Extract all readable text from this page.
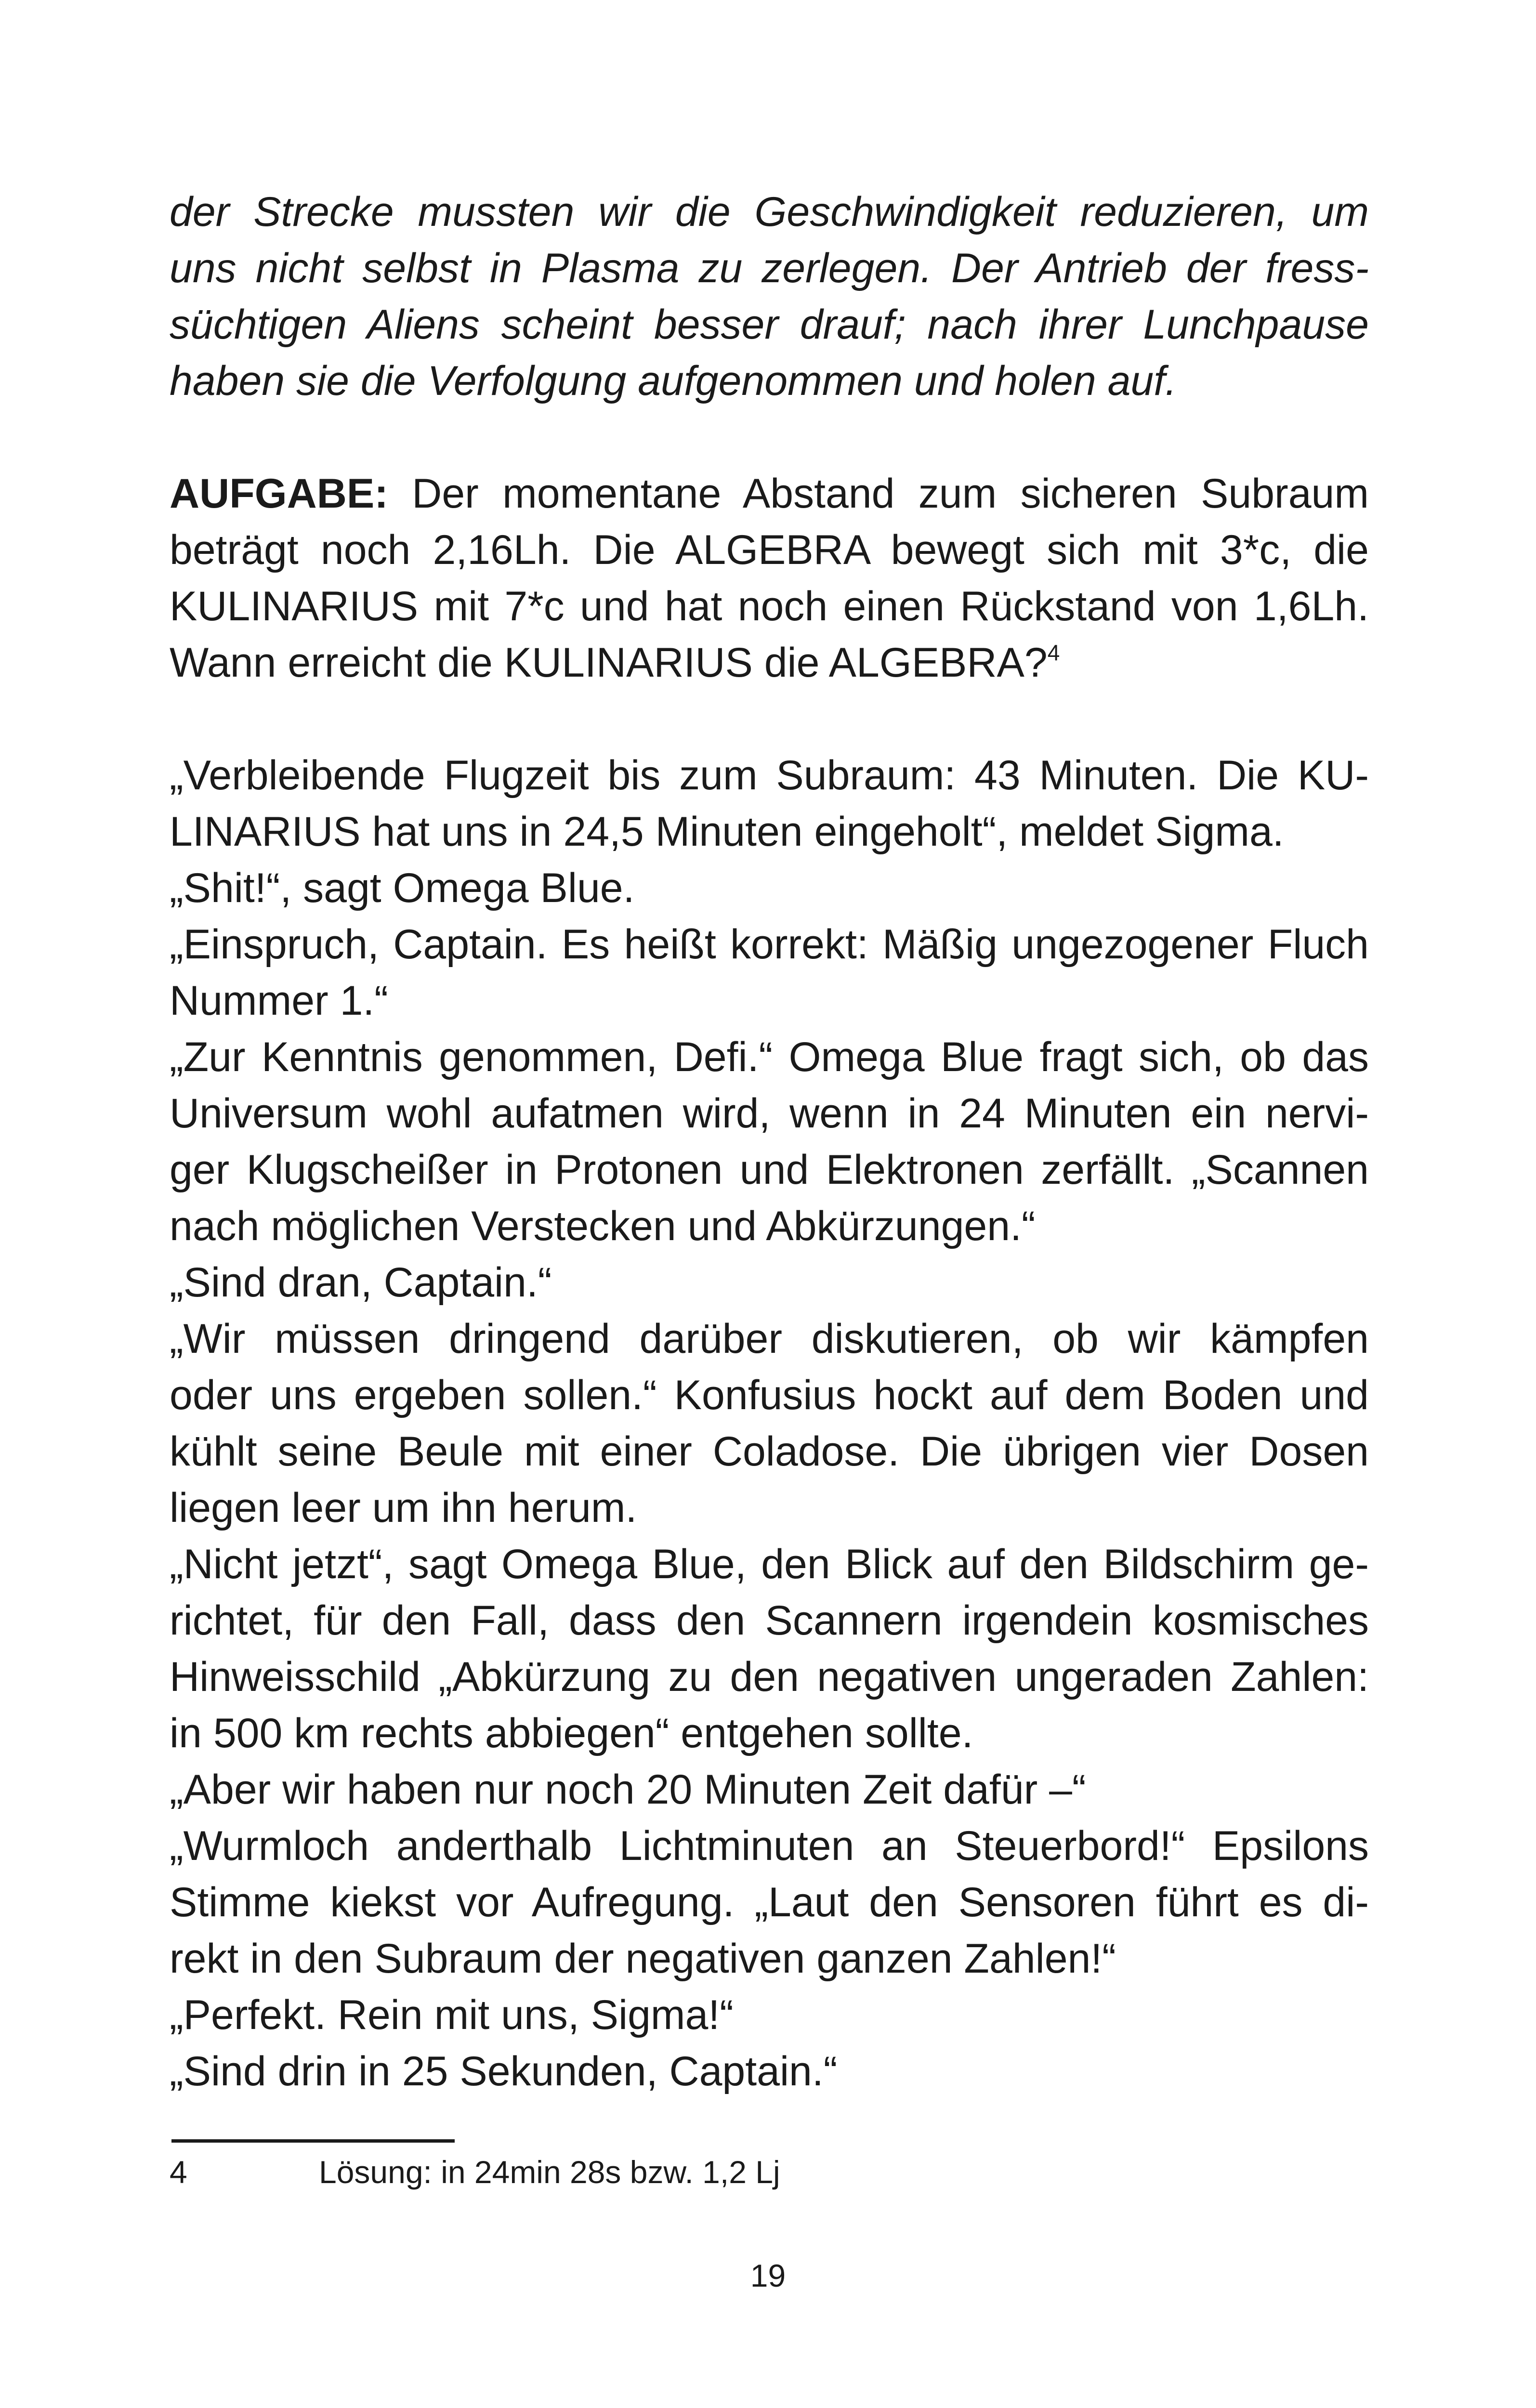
der Strecke mussten wir die Geschwindigkeit reduzieren, um
uns nicht selbst in Plasma zu zerlegen. Der Antrieb der fress-
süchtigen Aliens scheint besser drauf; nach ihrer Lunchpause
haben sie die Verfolgung aufgenommen und holen auf.
AUFGABE: Der momentane Abstand zum sicheren Subraum
beträgt noch 2,16Lh. Die ALGEBRA bewegt sich mit 3*c, die
KULINARIUS mit 7*c und hat noch einen Rückstand von 1,6Lh.
Wann erreicht die KULINARIUS die ALGEBRA?$^4$
„Verbleibende Flugzeit bis zum Subraum: 43 Minuten. Die KU-
LINARIUS hat uns in 24,5 Minuten eingeholt“, meldet Sigma.
„Shit!“, sagt Omega Blue.
„Einspruch, Captain. Es heißt korrekt: Mäßig ungezogener Fluch
Nummer 1.“
„Zur Kenntnis genommen, Defi.“ Omega Blue fragt sich, ob das
Universum wohl aufatmen wird, wenn in 24 Minuten ein nervi-
ger Klugscheißer in Protonen und Elektronen zerfällt. „Scannen
nach möglichen Verstecken und Abkürzungen.“
„Sind dran, Captain.“
„Wir müssen dringend darüber diskutieren, ob wir kämpfen
oder uns ergeben sollen.“ Konfusius hockt auf dem Boden und
kühlt seine Beule mit einer Coladose. Die übrigen vier Dosen
liegen leer um ihn herum.
„Nicht jetzt“, sagt Omega Blue, den Blick auf den Bildschirm ge-
richtet, für den Fall, dass den Scannern irgendein kosmisches
Hinweisschild „Abkürzung zu den negativen ungeraden Zahlen:
in 500 km rechts abbiegen“ entgehen sollte.
„Aber wir haben nur noch 20 Minuten Zeit dafür –“
„Wurmloch anderthalb Lichtminuten an Steuerbord!“ Epsilons
Stimme kiekst vor Aufregung. „Laut den Sensoren führt es di-
rekt in den Subraum der negativen ganzen Zahlen!“
„Perfekt. Rein mit uns, Sigma!“
„Sind drin in 25 Sekunden, Captain.“
4	Lösung: in 24min 28s bzw. 1,2 Lj
19
